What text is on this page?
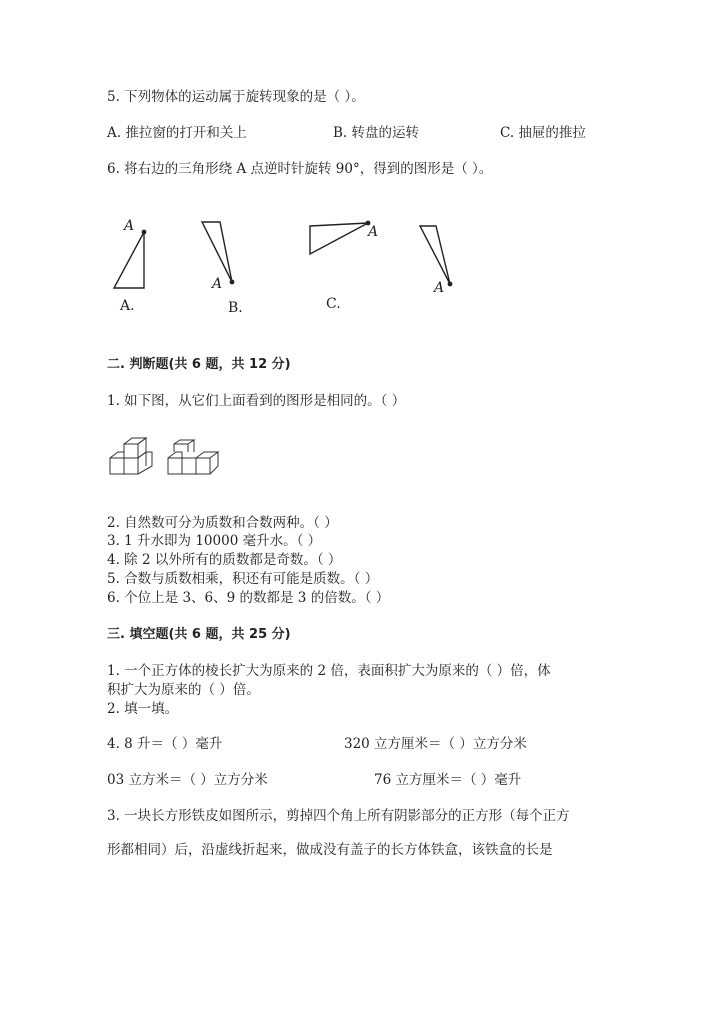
5. 下列物体的运动属于旋转现象的是（ ）。
A. 推拉窗的打开和关上	B. 转盘的运转	C. 抽屉的推拉
6. 将右边的三角形绕 A 点逆时针旋转 90°，得到的图形是（ ）。
A
A.
A
B.
A
C.
A
二. 判断题(共 6 题，共 12 分)
1. 如下图，从它们上面看到的图形是相同的。（ ）
2. 自然数可分为质数和合数两种。（ ）
3. 1 升水即为 10000 毫升水。（ ）
4. 除 2 以外所有的质数都是奇数。（ ）
5. 合数与质数相乘，积还有可能是质数。（ ）
6. 个位上是 3、6、9 的数都是 3 的倍数。（ ）
三. 填空题(共 6 题，共 25 分)
1. 一个正方体的棱长扩大为原来的 2 倍，表面积扩大为原来的（ ）倍，体
积扩大为原来的（ ）倍。
2. 填一填。
4. 8 升＝（ ）毫升	320 立方厘米＝（ ）立方分米
03 立方米＝（ ）立方分米	76 立方厘米＝（ ）毫升
3. 一块长方形铁皮如图所示，剪掉四个角上所有阴影部分的正方形（每个正方
形都相同）后，沿虚线折起来，做成没有盖子的长方体铁盒，该铁盒的长是
